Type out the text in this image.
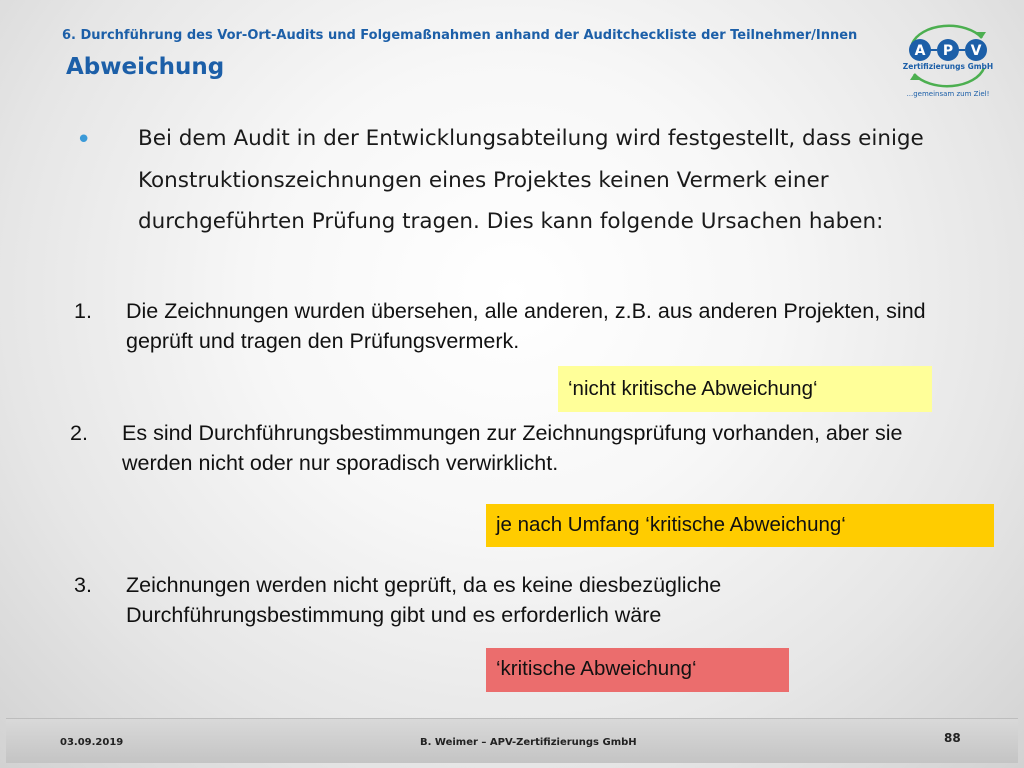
6. Durchführung des Vor-Ort-Audits und Folgemaßnahmen anhand der Auditcheckliste der Teilnehmer/Innen
Abweichung
A P V
Zertifizierungs GmbH
...gemeinsam zum Ziel!
• Bei dem Audit in der Entwicklungsabteilung wird festgestellt, dass einige Konstruktionszeichnungen eines Projektes keinen Vermerk einer durchgeführten Prüfung tragen. Dies kann folgende Ursachen haben:
1. Die Zeichnungen wurden übersehen, alle anderen, z.B. aus anderen Projekten, sind geprüft und tragen den Prüfungsvermerk.
‘nicht kritische Abweichung‘
2. Es sind Durchführungsbestimmungen zur Zeichnungsprüfung vorhanden, aber sie werden nicht oder nur sporadisch verwirklicht.
je nach Umfang ‘kritische Abweichung‘
3. Zeichnungen werden nicht geprüft, da es keine diesbezügliche Durchführungsbestimmung gibt und es erforderlich wäre
‘kritische Abweichung‘
03.09.2019	B. Weimer – APV-Zertifizierungs GmbH	88
